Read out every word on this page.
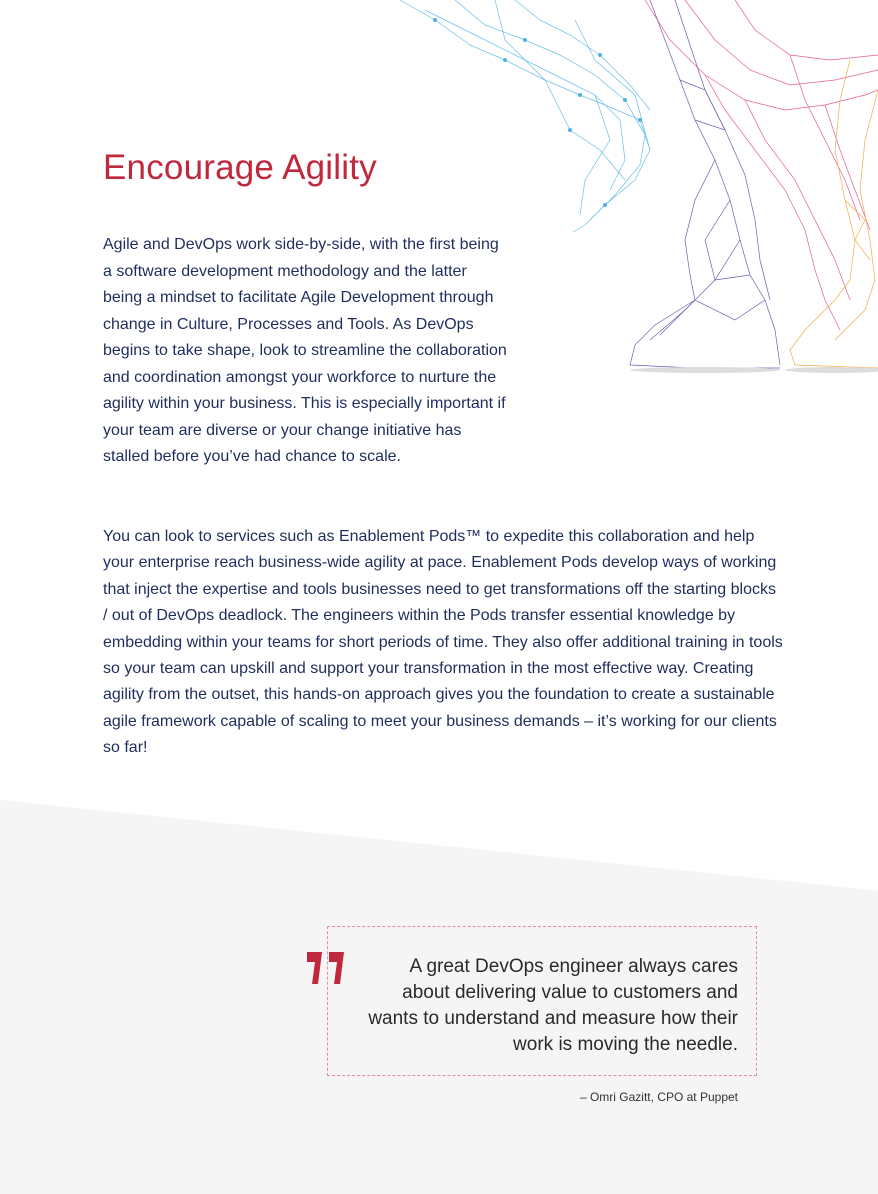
Encourage Agility

Agile and DevOps work side-by-side, with the first being a software development methodology and the latter being a mindset to facilitate Agile Development through change in Culture, Processes and Tools. As DevOps begins to take shape, look to streamline the collaboration and coordination amongst your workforce to nurture the agility within your business. This is especially important if your team are diverse or your change initiative has stalled before you’ve had chance to scale.

You can look to services such as Enablement Pods™ to expedite this collaboration and help your enterprise reach business-wide agility at pace. Enablement Pods develop ways of working that inject the expertise and tools businesses need to get transformations off the starting blocks / out of DevOps deadlock. The engineers within the Pods transfer essential knowledge by embedding within your teams for short periods of time. They also offer additional training in tools so your team can upskill and support your transformation in the most effective way. Creating agility from the outset, this hands-on approach gives you the foundation to create a sustainable agile framework capable of scaling to meet your business demands – it’s working for our clients so far!

A great DevOps engineer always cares about delivering value to customers and wants to understand and measure how their work is moving the needle.

– Omri Gazitt, CPO at Puppet
